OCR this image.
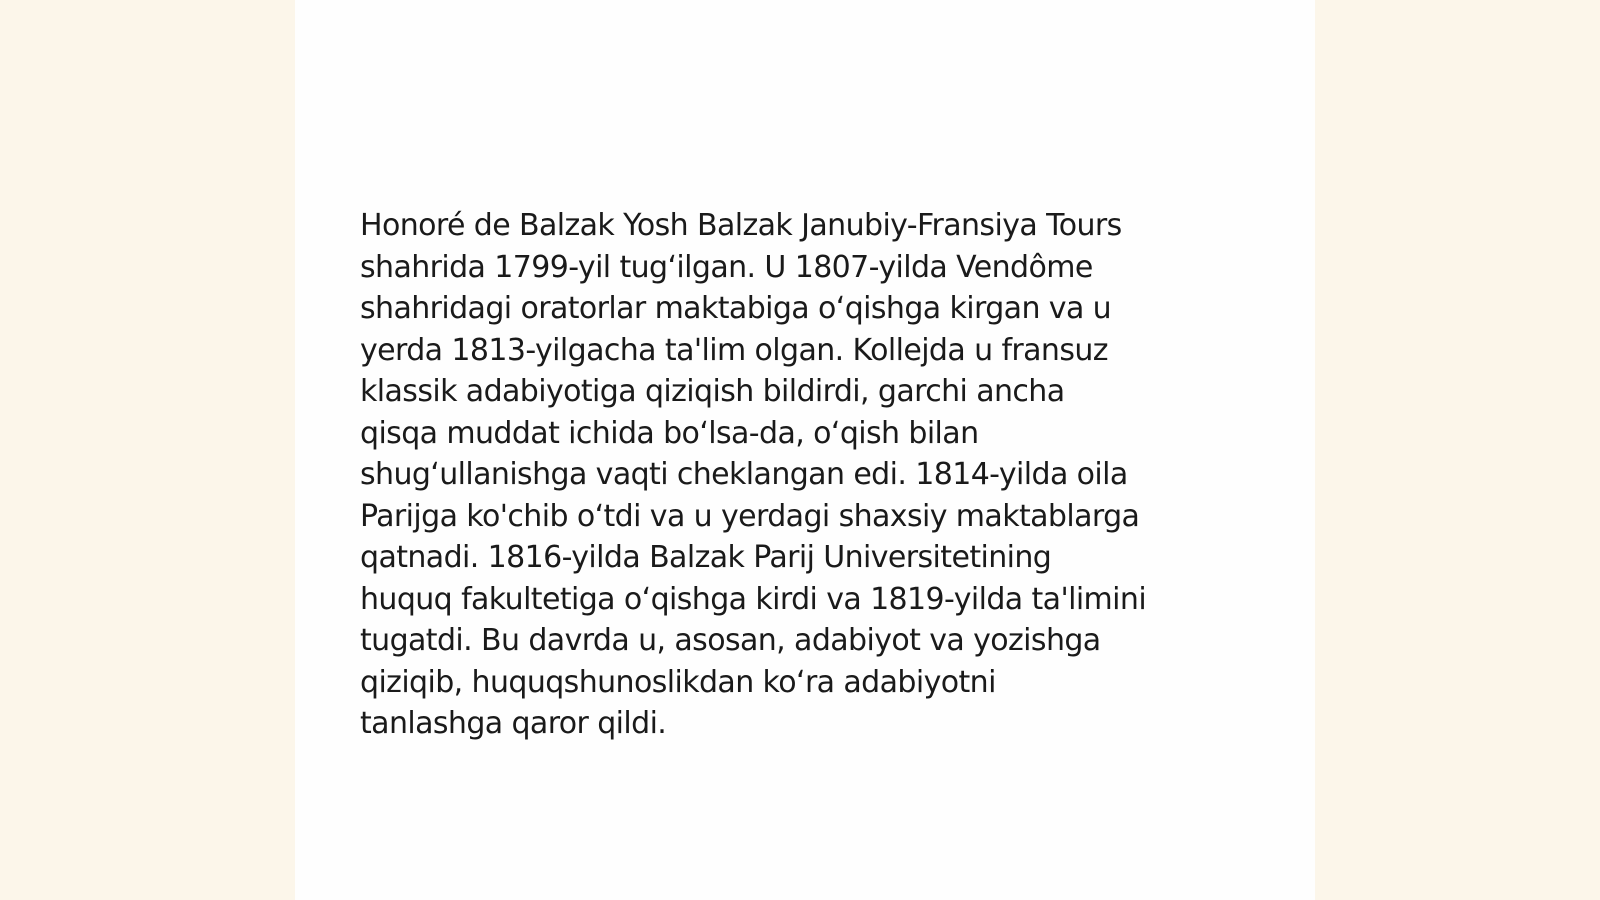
Honoré de Balzak Yosh Balzak Janubiy-Fransiya Tours
shahrida 1799-yil tugʻilgan. U 1807-yilda Vendôme
shahridagi oratorlar maktabiga oʻqishga kirgan va u
yerda 1813-yilgacha ta'lim olgan. Kollejda u fransuz
klassik adabiyotiga qiziqish bildirdi, garchi ancha
qisqa muddat ichida boʻlsa-da, oʻqish bilan
shugʻullanishga vaqti cheklangan edi. 1814-yilda oila
Parijga ko'chib oʻtdi va u yerdagi shaxsiy maktablarga
qatnadi. 1816-yilda Balzak Parij Universitetining
huquq fakultetiga oʻqishga kirdi va 1819-yilda ta'limini
tugatdi. Bu davrda u, asosan, adabiyot va yozishga
qiziqib, huquqshunoslikdan koʻra adabiyotni
tanlashga qaror qildi.
